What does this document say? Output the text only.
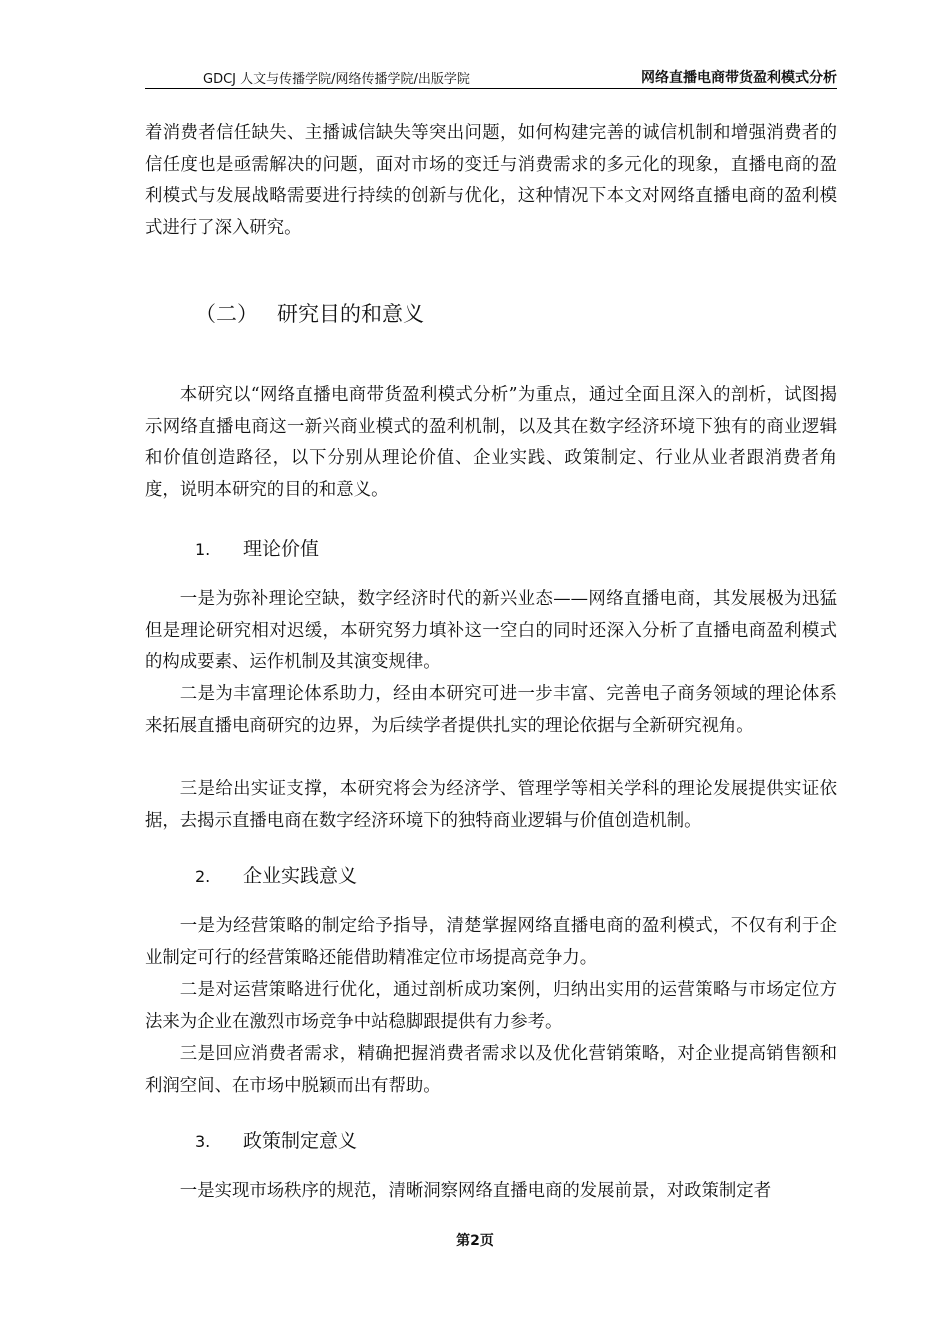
GDCJ 人文与传播学院/网络传播学院/出版学院	网络直播电商带货盈利模式分析

着消费者信任缺失、主播诚信缺失等突出问题，如何构建完善的诚信机制和增强消费者的信任度也是亟需解决的问题，面对市场的变迁与消费需求的多元化的现象，直播电商的盈利模式与发展战略需要进行持续的创新与优化，这种情况下本文对网络直播电商的盈利模式进行了深入研究。

（二） 研究目的和意义

本研究以“网络直播电商带货盈利模式分析”为重点，通过全面且深入的剖析，试图揭示网络直播电商这一新兴商业模式的盈利机制，以及其在数字经济环境下独有的商业逻辑和价值创造路径，以下分别从理论价值、企业实践、政策制定、行业从业者跟消费者角度，说明本研究的目的和意义。

1. 理论价值

一是为弥补理论空缺，数字经济时代的新兴业态——网络直播电商，其发展极为迅猛但是理论研究相对迟缓，本研究努力填补这一空白的同时还深入分析了直播电商盈利模式的构成要素、运作机制及其演变规律。

二是为丰富理论体系助力，经由本研究可进一步丰富、完善电子商务领域的理论体系来拓展直播电商研究的边界，为后续学者提供扎实的理论依据与全新研究视角。

三是给出实证支撑，本研究将会为经济学、管理学等相关学科的理论发展提供实证依据，去揭示直播电商在数字经济环境下的独特商业逻辑与价值创造机制。

2. 企业实践意义

一是为经营策略的制定给予指导，清楚掌握网络直播电商的盈利模式，不仅有利于企业制定可行的经营策略还能借助精准定位市场提高竞争力。

二是对运营策略进行优化，通过剖析成功案例，归纳出实用的运营策略与市场定位方法来为企业在激烈市场竞争中站稳脚跟提供有力参考。

三是回应消费者需求，精确把握消费者需求以及优化营销策略，对企业提高销售额和利润空间、在市场中脱颖而出有帮助。

3. 政策制定意义

一是实现市场秩序的规范，清晰洞察网络直播电商的发展前景，对政策制定者

第2页
